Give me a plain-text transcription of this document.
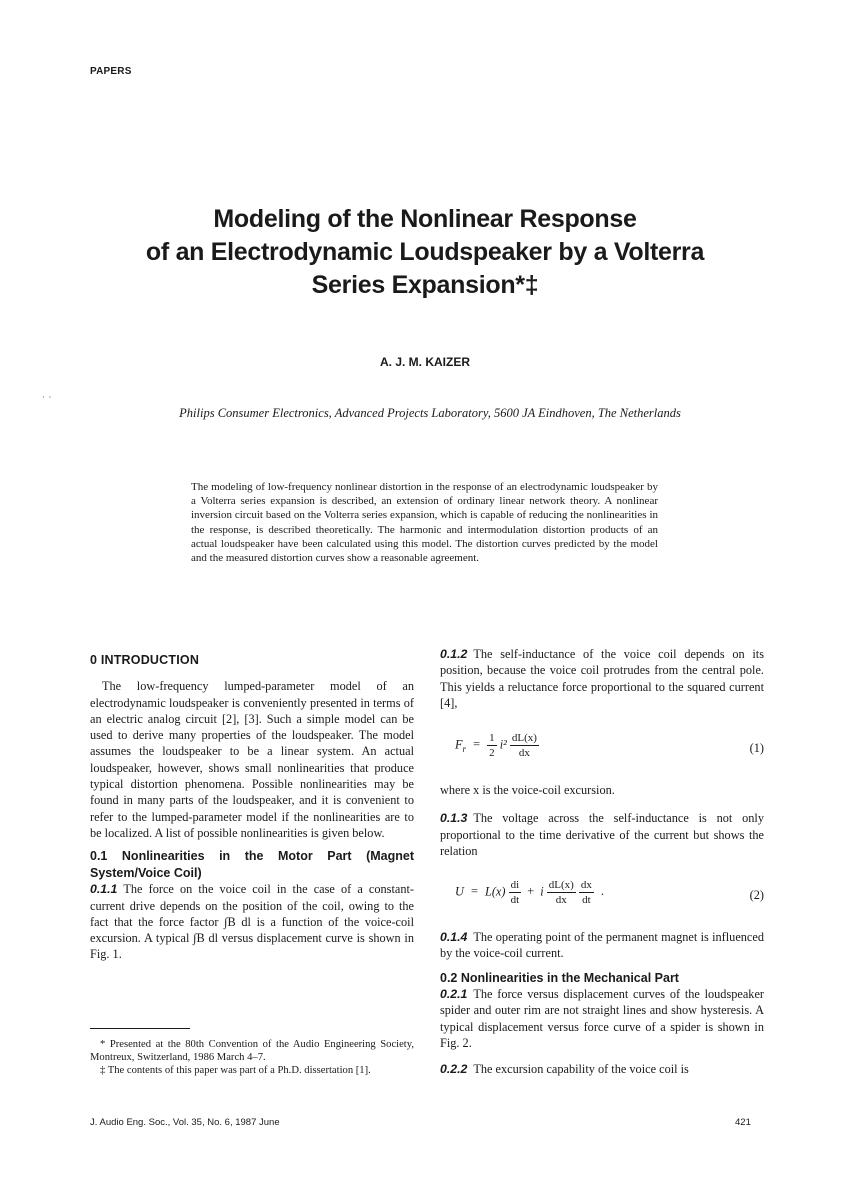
PAPERS
Modeling of the Nonlinear Response
of an Electrodynamic Loudspeaker by a Volterra
Series Expansion*‡
·  ·
A. J. M. KAIZER
Philips Consumer Electronics, Advanced Projects Laboratory, 5600 JA Eindhoven, The Netherlands
The modeling of low-frequency nonlinear distortion in the response of an electrodynamic loudspeaker by a Volterra series expansion is described, an extension of ordinary linear network theory. A nonlinear inversion circuit based on the Volterra series expansion, which is capable of reducing the nonlinearities in the response, is described theoretically. The harmonic and intermodulation distortion products of an actual loudspeaker have been calculated using this model. The distortion curves predicted by the model and the measured distortion curves show a reasonable agreement.
0 INTRODUCTION

The low-frequency lumped-parameter model of an electrodynamic loudspeaker is conveniently presented in terms of an electric analog circuit [2], [3]. Such a simple model can be used to derive many properties of the loudspeaker. The model assumes the loudspeaker to be a linear system. An actual loudspeaker, however, shows small nonlinearities that produce typical distortion phenomena. Possible nonlinearities may be found in many parts of the loudspeaker, and it is convenient to refer to the lumped-parameter model if the nonlinearities are to be localized. A list of possible nonlinearities is given below.

0.1 Nonlinearities in the Motor Part (Magnet System/Voice Coil)

0.1.1 The force on the voice coil in the case of a constant-current drive depends on the position of the coil, owing to the fact that the force factor ∫B dl is a function of the voice-coil excursion. A typical ∫B dl versus displacement curve is shown in Fig. 1.

* Presented at the 80th Convention of the Audio Engineering Society, Montreux, Switzerland, 1986 March 4–7.
‡ The contents of this paper was part of a Ph.D. dissertation [1].

0.1.2 The self-inductance of the voice coil depends on its position, because the voice coil protrudes from the central pole. This yields a reluctance force proportional to the squared current [4],

$F_r = \frac{1}{2} i^2 \frac{dL(x)}{dx}$	(1)

where x is the voice-coil excursion.

0.1.3 The voltage across the self-inductance is not only proportional to the time derivative of the current but shows the relation

$U = L(x) \frac{di}{dt} + i \frac{dL(x)}{dx}$
$\frac{dx}{dt}$ .	(2)

0.1.4 The operating point of the permanent magnet is influenced by the voice-coil current.

0.2 Nonlinearities in the Mechanical Part

0.2.1 The force versus displacement curves of the loudspeaker spider and outer rim are not straight lines and show hysteresis. A typical displacement versus force curve of a spider is shown in Fig. 2.

0.2.2 The excursion capability of the voice coil is

J. Audio Eng. Soc., Vol. 35, No. 6, 1987 June	421
